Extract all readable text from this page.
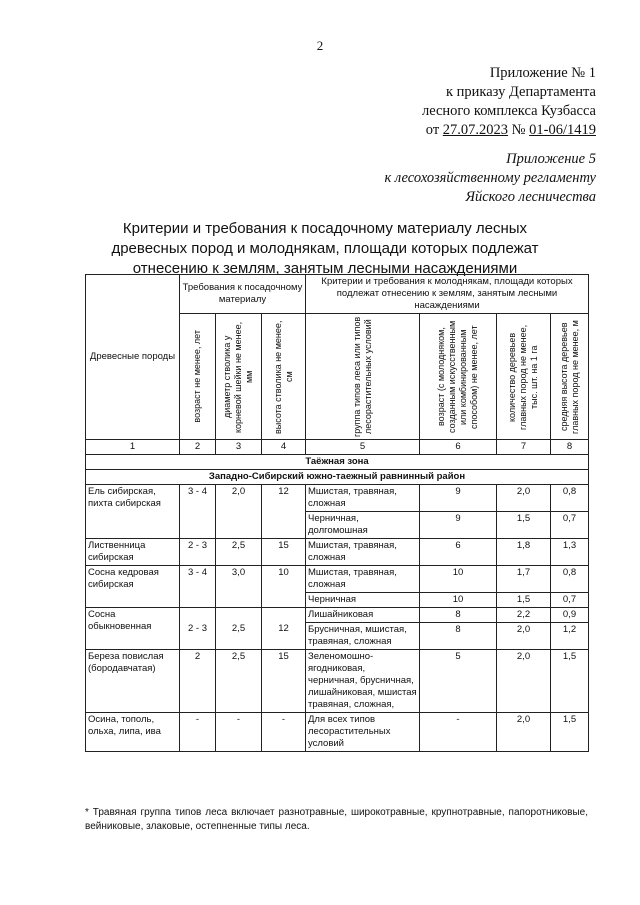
2
Приложение № 1
к приказу Департамента
лесного комплекса Кузбасса
от 27.07.2023 № 01-06/1419
Приложение 5
к лесохозяйственному регламенту
Яйского лесничества
Критерии и требования к посадочному материалу лесных
древесных пород и молоднякам, площади которых подлежат
отнесению к землям, занятым лесными насаждениями
Древесные породы	Требования к посадочному материалу			Критерии и требования к молоднякам, площади которых подлежат отнесению к землям, занятым лесными насаждениями			

	возраст не менее, лет	диаметр стволика у корневой шейки не менее, мм	высота стволика не менее, см	группа типов леса или типов лесорастительных условий	возраст (с молодняком, созданным искусственным или комбинированным способом) не менее, лет	количество деревьев главных пород не менее, тыс. шт. на 1 га	средняя высота деревьев главных пород не менее, м

1	2	3	4	5	6	7	8
Таёжная зона							
Западно-Сибирский южно-таежный равнинный район							
Ель сибирская, пихта сибирская	3 - 4	2,0	12	Мшистая, травяная, сложная	9	2,0	0,8
				Черничная, долгомошная	9	1,5	0,7
Лиственница сибирская	2 - 3	2,5	15	Мшистая, травяная, сложная	6	1,8	1,3
Сосна кедровая сибирская	3 - 4	3,0	10	Мшистая, травяная, сложная	10	1,7	0,8
				Черничная	10	1,5	0,7
Сосна обыкновенная	2 - 3	2,5	12	Лишайниковая	8	2,2	0,9
				Брусничная, мшистая, травяная, сложная	8	2,0	1,2
Береза повислая (бородавчатая)	2	2,5	15	Зеленомошно-ягодниковая, черничная, брусничная, лишайниковая, мшистая травяная, сложная,	5	2,0	1,5
Осина, тополь, ольха, липа, ива	-	-	-	Для всех типов лесорастительных условий	-	2,0	1,5
* Травяная группа типов леса включает разнотравные, широкотравные, крупнотравные, папоротниковые, вейниковые, злаковые, остепненные типы леса.
